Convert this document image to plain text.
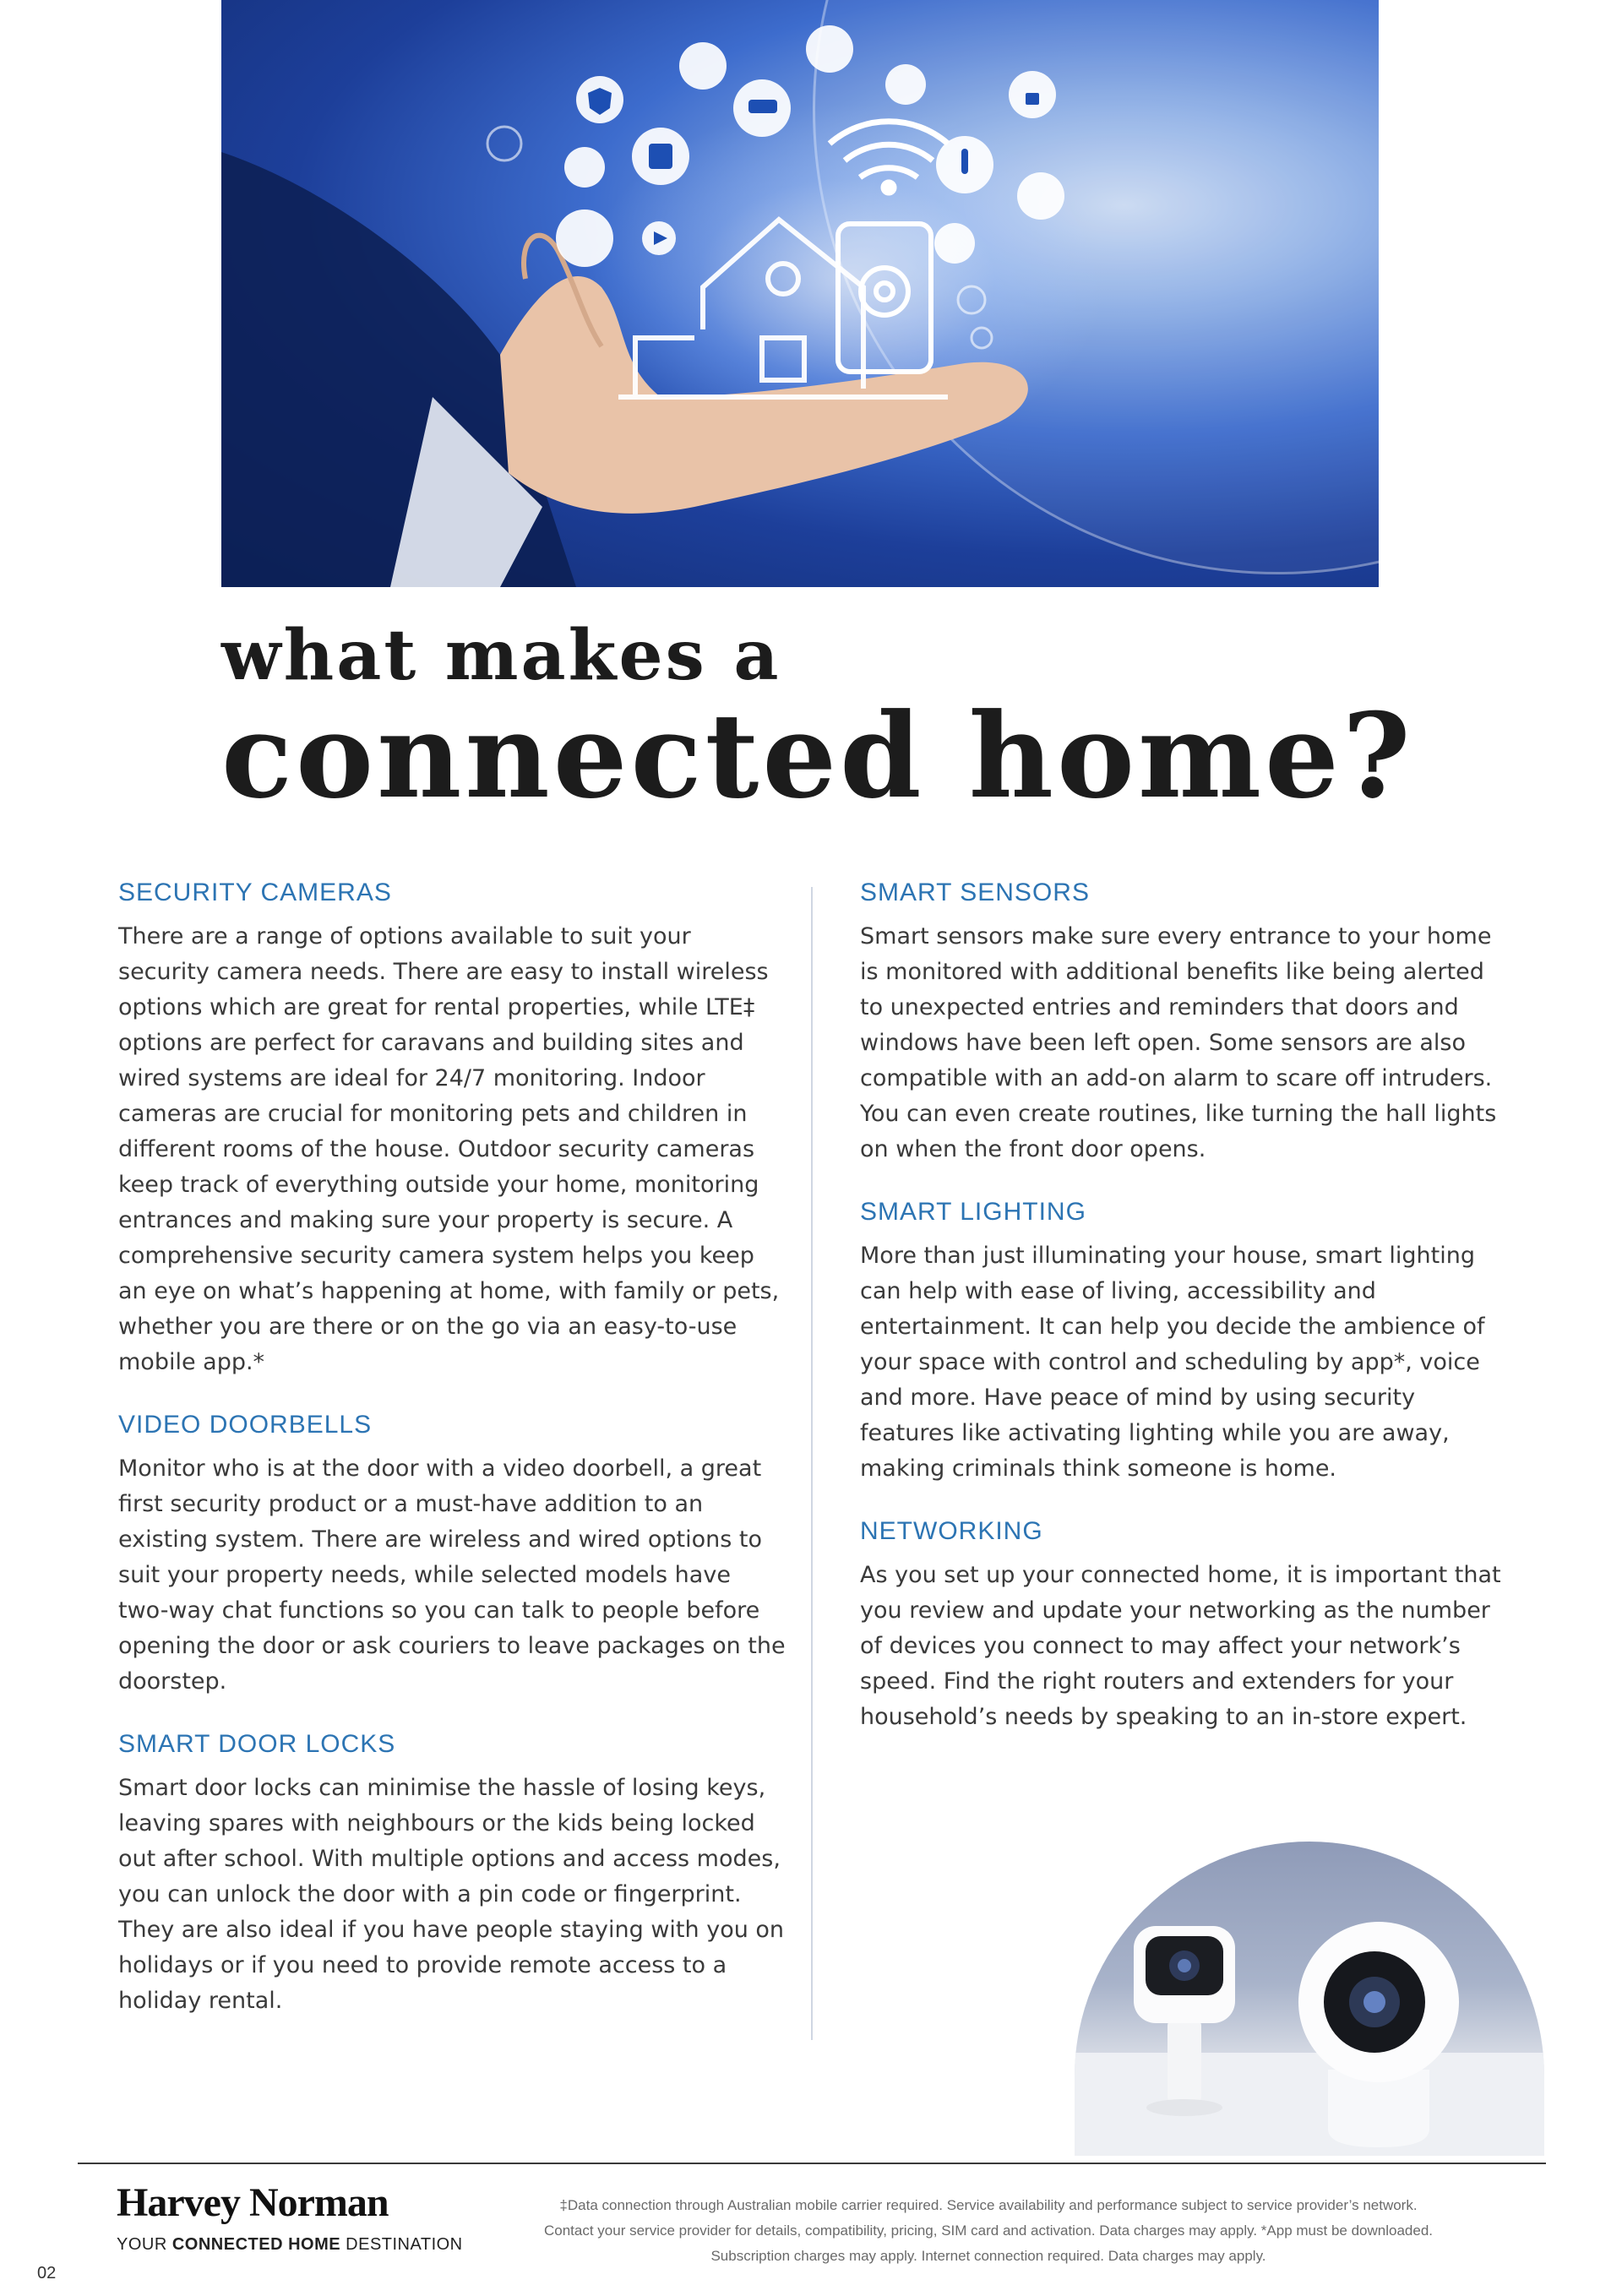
what makes a
connected home?
SECURITY CAMERAS

There are a range of options available to suit your security camera needs. There are easy to install wireless options which are great for rental properties, while LTE‡ options are perfect for caravans and building sites and wired systems are ideal for 24/7 monitoring. Indoor cameras are crucial for monitoring pets and children in different rooms of the house. Outdoor security cameras keep track of everything outside your home, monitoring entrances and making sure your property is secure. A comprehensive security camera system helps you keep an eye on what’s happening at home, with family or pets, whether you are there or on the go via an easy-to-use mobile app.*

VIDEO DOORBELLS

Monitor who is at the door with a video doorbell, a great first security product or a must-have addition to an existing system. There are wireless and wired options to suit your property needs, while selected models have two-way chat functions so you can talk to people before opening the door or ask couriers to leave packages on the doorstep.

SMART DOOR LOCKS

Smart door locks can minimise the hassle of losing keys, leaving spares with neighbours or the kids being locked out after school. With multiple options and access modes, you can unlock the door with a pin code or fingerprint. They are also ideal if you have people staying with you on holidays or if you need to provide remote access to a holiday rental.

SMART SENSORS

Smart sensors make sure every entrance to your home is monitored with additional benefits like being alerted to unexpected entries and reminders that doors and windows have been left open. Some sensors are also compatible with an add-on alarm to scare off intruders. You can even create routines, like turning the hall lights on when the front door opens.

SMART LIGHTING

More than just illuminating your house, smart lighting can help with ease of living, accessibility and entertainment. It can help you decide the ambience of your space with control and scheduling by app*, voice and more. Have peace of mind by using security features like activating lighting while you are away, making criminals think someone is home.

NETWORKING

As you set up your connected home, it is important that you review and update your networking as the number of devices you connect to may affect your network’s speed. Find the right routers and extenders for your household’s needs by speaking to an in-store expert.

Harvey Norman
YOUR CONNECTED HOME DESTINATION
02
‡Data connection through Australian mobile carrier required. Service availability and performance subject to service provider’s network.
Contact your service provider for details, compatibility, pricing, SIM card and activation. Data charges may apply. *App must be downloaded.
Subscription charges may apply. Internet connection required. Data charges may apply.
